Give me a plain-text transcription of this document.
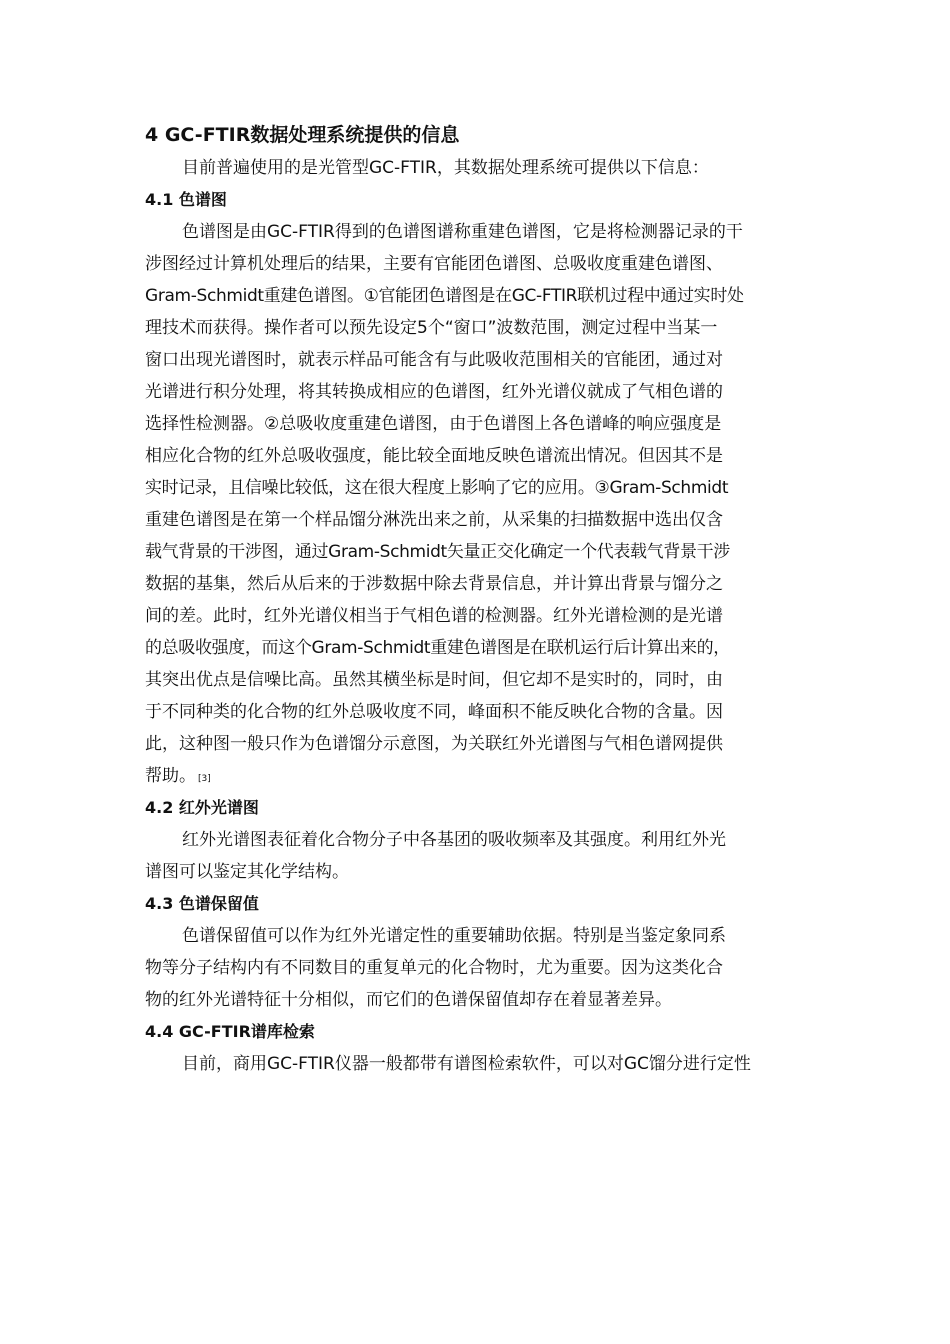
4 GC-FTIR数据处理系统提供的信息
目前普遍使用的是光管型GC-FTIR，其数据处理系统可提供以下信息：
4.1 色谱图
色谱图是由GC-FTIR得到的色谱图谱称重建色谱图，它是将检测器记录的干
涉图经过计算机处理后的结果，主要有官能团色谱图、总吸收度重建色谱图、
Gram-Schmidt重建色谱图。①官能团色谱图是在GC-FTIR联机过程中通过实时处
理技术而获得。操作者可以预先设定5个“窗口”波数范围，测定过程中当某一
窗口出现光谱图时，就表示样品可能含有与此吸收范围相关的官能团，通过对
光谱进行积分处理，将其转换成相应的色谱图，红外光谱仪就成了气相色谱的
选择性检测器。②总吸收度重建色谱图，由于色谱图上各色谱峰的响应强度是
相应化合物的红外总吸收强度，能比较全面地反映色谱流出情况。但因其不是
实时记录，且信噪比较低，这在很大程度上影响了它的应用。③Gram-Schmidt
重建色谱图是在第一个样品馏分淋洗出来之前，从采集的扫描数据中选出仅含
载气背景的干涉图，通过Gram-Schmidt矢量正交化确定一个代表载气背景干涉
数据的基集，然后从后来的于涉数据中除去背景信息，并计算出背景与馏分之
间的差。此时，红外光谱仪相当于气相色谱的检测器。红外光谱检测的是光谱
的总吸收强度，而这个Gram-Schmidt重建色谱图是在联机运行后计算出来的，
其突出优点是信噪比高。虽然其横坐标是时间，但它却不是实时的，同时，由
于不同种类的化合物的红外总吸收度不同，峰面积不能反映化合物的含量。因
此，这种图一般只作为色谱馏分示意图，为关联红外光谱图与气相色谱网提供
帮助。 [3]
4.2 红外光谱图
红外光谱图表征着化合物分子中各基团的吸收频率及其强度。利用红外光
谱图可以鉴定其化学结构。
4.3 色谱保留值
色谱保留值可以作为红外光谱定性的重要辅助依据。特别是当鉴定象同系
物等分子结构内有不同数目的重复单元的化合物时，尤为重要。因为这类化合
物的红外光谱特征十分相似，而它们的色谱保留值却存在着显著差异。
4.4 GC-FTIR谱库检索
目前，商用GC-FTIR仪器一般都带有谱图检索软件，可以对GC馏分进行定性
